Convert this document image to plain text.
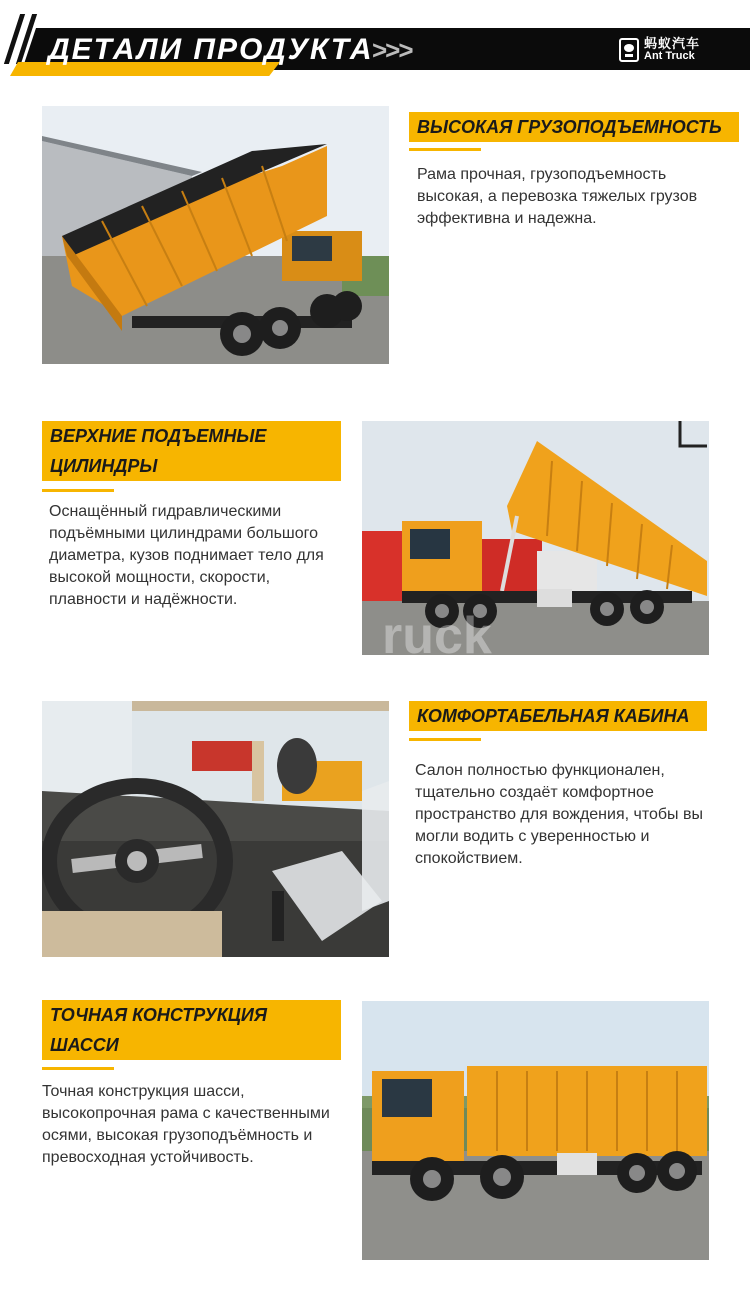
ДЕТАЛИ ПРОДУКТА
>>>	蚂蚁汽车
Ant Truck
ВЫСОКАЯ ГРУЗОПОДЪЕМНОСТЬ
Рама прочная, грузоподъемность высокая, а перевозка тяжелых грузов эффективна и надежна.
ВЕРХНИЕ ПОДЪЕМНЫЕ
ЦИЛИНДРЫ
Оснащённый гидравлическими подъёмными цилиндрами большого диаметра, кузов поднимает тело для высокой мощности, скорости, плавности и надёжности.
ruck
КОМФОРТАБЕЛЬНАЯ КАБИНА
Салон полностью функционален, тщательно создаёт комфортное пространство для вождения, чтобы вы могли водить с уверенностью и спокойствием.
ТОЧНАЯ КОНСТРУКЦИЯ
ШАССИ
Точная конструкция шасси, высокопрочная рама с качественными осями, высокая грузоподъёмность и превосходная устойчивость.
